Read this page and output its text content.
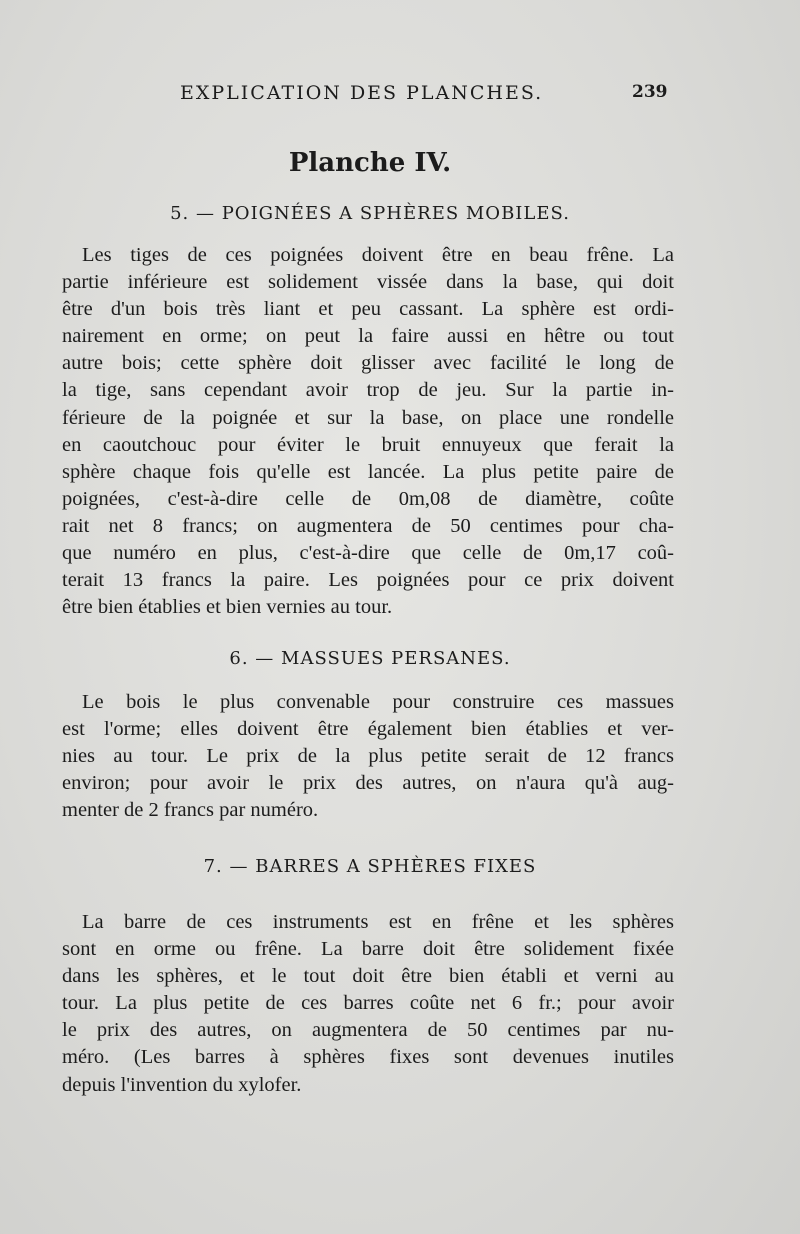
EXPLICATION DES PLANCHES.	239
Planche IV.
5. — POIGNÉES A SPHÈRES MOBILES.
Les tiges de ces poignées doivent être en beau frêne. La
partie inférieure est solidement vissée dans la base, qui doit
être d'un bois très liant et peu cassant. La sphère est ordi-
nairement en orme; on peut la faire aussi en hêtre ou tout
autre bois; cette sphère doit glisser avec facilité le long de
la tige, sans cependant avoir trop de jeu. Sur la partie in-
férieure de la poignée et sur la base, on place une rondelle
en caoutchouc pour éviter le bruit ennuyeux que ferait la
sphère chaque fois qu'elle est lancée. La plus petite paire de
poignées, c'est-à-dire celle de 0m,08 de diamètre, coûte
rait net 8 francs; on augmentera de 50 centimes pour cha-
que numéro en plus, c'est-à-dire que celle de 0m,17 coû-
terait 13 francs la paire. Les poignées pour ce prix doivent
être bien établies et bien vernies au tour.
6. — MASSUES PERSANES.
Le bois le plus convenable pour construire ces massues
est l'orme; elles doivent être également bien établies et ver-
nies au tour. Le prix de la plus petite serait de 12 francs
environ; pour avoir le prix des autres, on n'aura qu'à aug-
menter de 2 francs par numéro.
7. — BARRES A SPHÈRES FIXES
La barre de ces instruments est en frêne et les sphères
sont en orme ou frêne. La barre doit être solidement fixée
dans les sphères, et le tout doit être bien établi et verni au
tour. La plus petite de ces barres coûte net 6 fr.; pour avoir
le prix des autres, on augmentera de 50 centimes par nu-
méro. (Les barres à sphères fixes sont devenues inutiles
depuis l'invention du xylofer.
